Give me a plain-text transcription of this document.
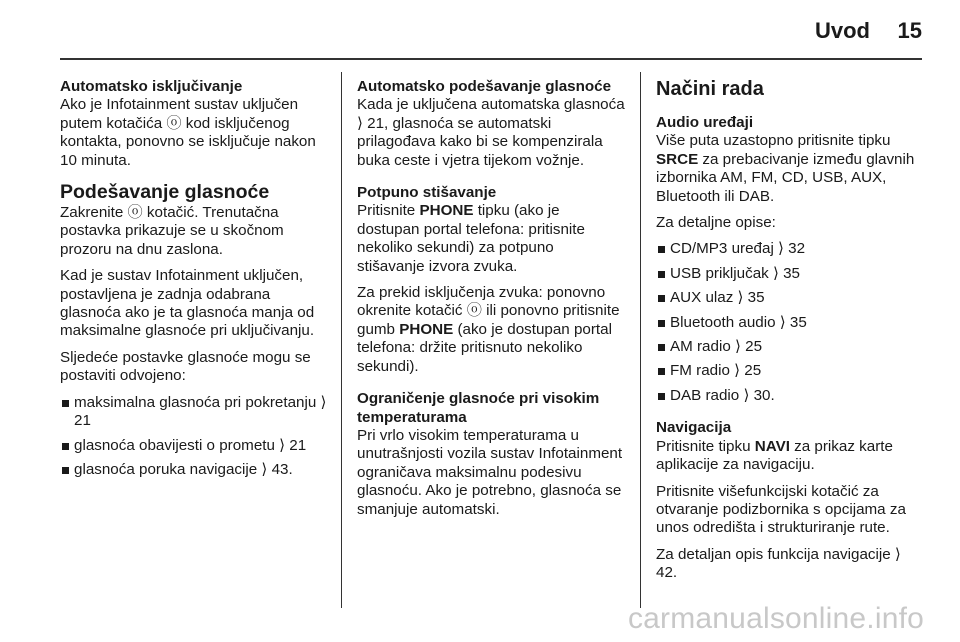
Uvod	15
Automatsko isključivanje

Ako je Infotainment sustav uključen putem kotačića ⓞ kod isključenog kontakta, ponovno se isključuje nakon 10 minuta.

Podešavanje glasnoće

Zakrenite ⓞ kotačić. Trenutačna postavka prikazuje se u skočnom prozoru na dnu zaslona.

Kad je sustav Infotainment uključen, postavljena je zadnja odabrana glasnoća ako je ta glasnoća manja od maksimalne glasnoće pri uključivanju.

Sljedeće postavke glasnoće mogu se postaviti odvojeno:

maksimalna glasnoća pri pokretanju ⟩ 21
glasnoća obavijesti o prometu ⟩ 21
glasnoća poruka navigacije ⟩ 43.
Automatsko podešavanje glasnoće

Kada je uključena automatska glasnoća ⟩ 21, glasnoća se automatski prilagođava kako bi se kompenzirala buka ceste i vjetra tijekom vožnje.

Potpuno stišavanje

Pritisnite PHONE tipku (ako je dostupan portal telefona: pritisnite nekoliko sekundi) za potpuno stišavanje izvora zvuka.

Za prekid isključenja zvuka: ponovno okrenite kotačić ⓞ ili ponovno pritisnite gumb PHONE (ako je dostupan portal telefona: držite pritisnuto nekoliko sekundi).

Ograničenje glasnoće pri visokim temperaturama

Pri vrlo visokim temperaturama u unutrašnjosti vozila sustav Infotainment ograničava maksimalnu podesivu glasnoću. Ako je potrebno, glasnoća se smanjuje automatski.

Načini rada
Audio uređaji

Više puta uzastopno pritisnite tipku SRCE za prebacivanje između glavnih izbornika AM, FM, CD, USB, AUX, Bluetooth ili DAB.

Za detaljne opise:

CD/MP3 uređaj ⟩ 32
USB priključak ⟩ 35
AUX ulaz ⟩ 35
Bluetooth audio ⟩ 35
AM radio ⟩ 25
FM radio ⟩ 25
DAB radio ⟩ 30.
Navigacija

Pritisnite tipku NAVI za prikaz karte aplikacije za navigaciju.

Pritisnite višefunkcijski kotačić za otvaranje podizbornika s opcijama za unos odredišta i strukturiranje rute.

Za detaljan opis funkcija navigacije ⟩ 42.

carmanualsonline.info
